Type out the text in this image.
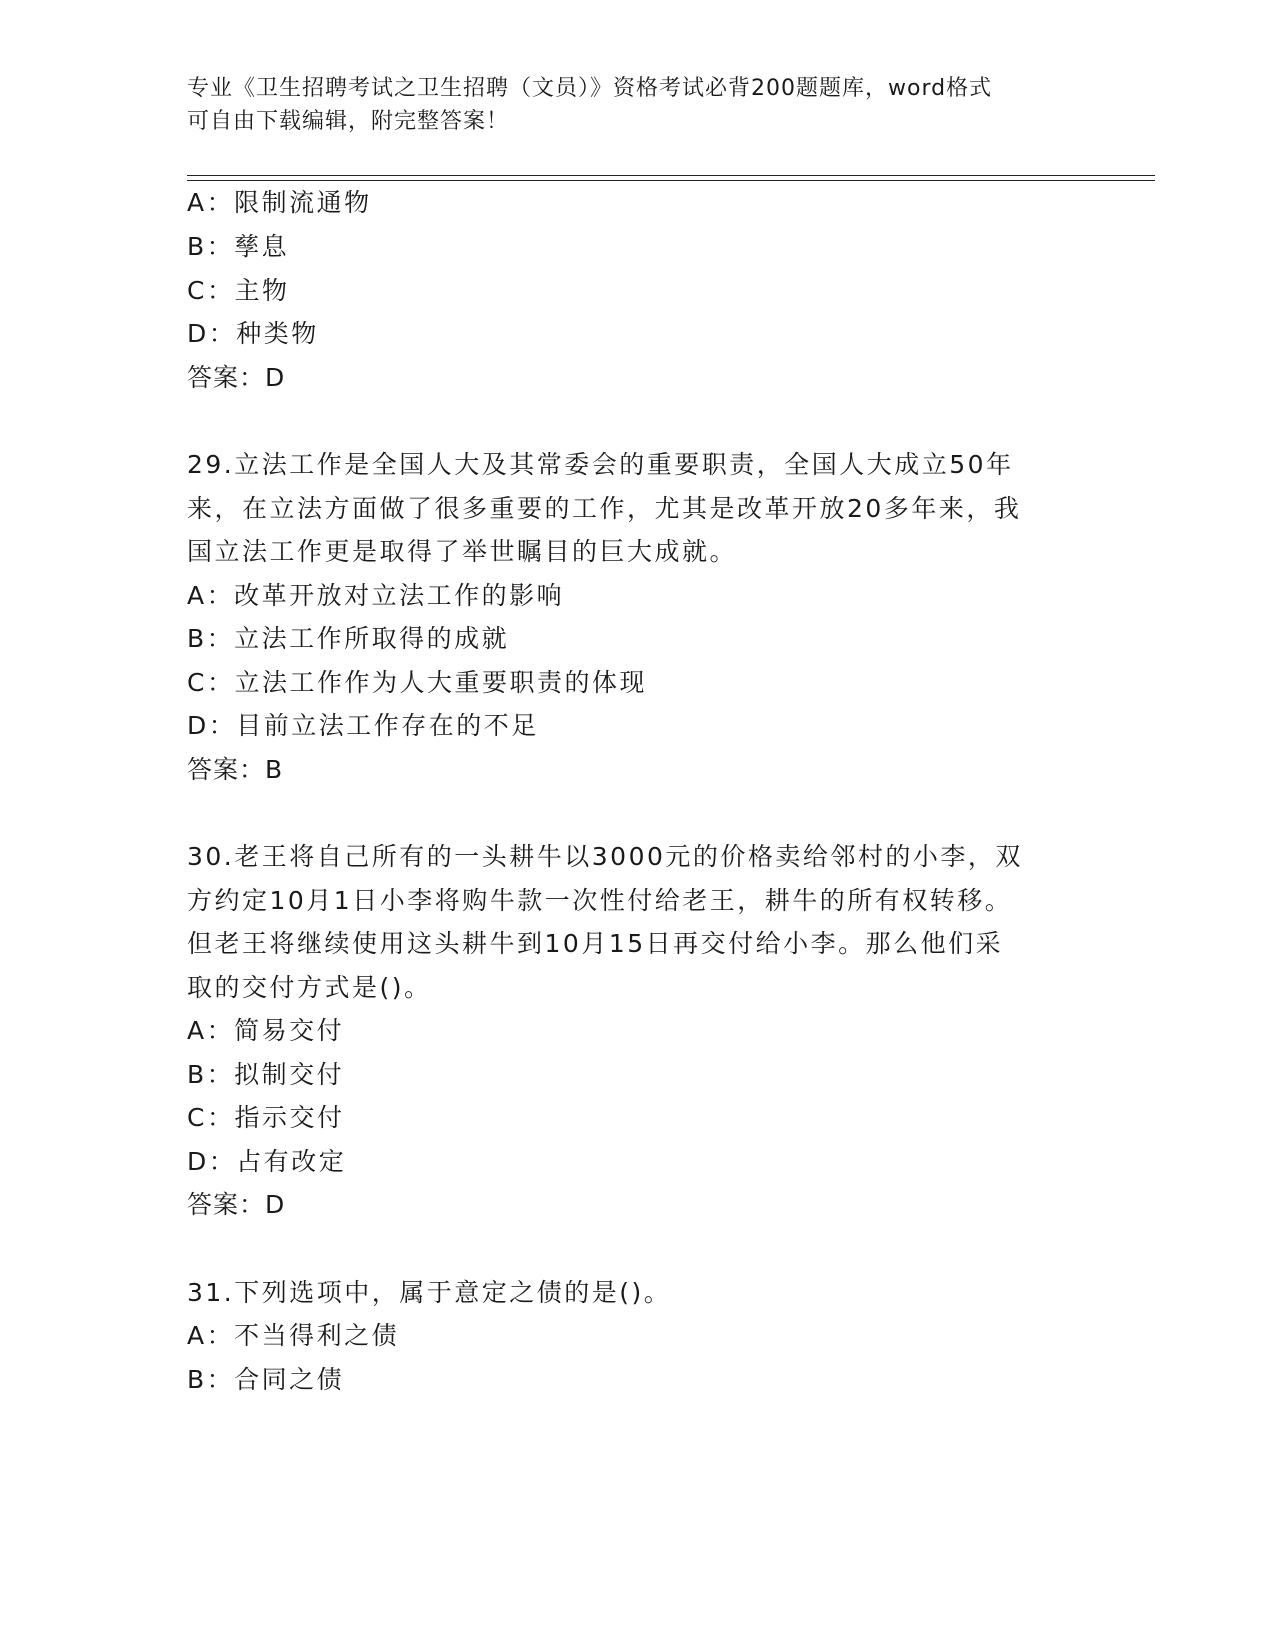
专业《卫生招聘考试之卫生招聘（文员）》资格考试必背200题题库，word格式
可自由下载编辑，附完整答案！
A：限制流通物
B：孳息
C：主物
D：种类物
答案：D
29.立法工作是全国人大及其常委会的重要职责，全国人大成立50年
来，在立法方面做了很多重要的工作，尤其是改革开放20多年来，我
国立法工作更是取得了举世瞩目的巨大成就。
A：改革开放对立法工作的影响
B：立法工作所取得的成就
C：立法工作作为人大重要职责的体现
D：目前立法工作存在的不足
答案：B
30.老王将自己所有的一头耕牛以3000元的价格卖给邻村的小李，双
方约定10月1日小李将购牛款一次性付给老王，耕牛的所有权转移。
但老王将继续使用这头耕牛到10月15日再交付给小李。那么他们采
取的交付方式是()。
A：简易交付
B：拟制交付
C：指示交付
D：占有改定
答案：D
31.下列选项中，属于意定之债的是()。
A：不当得利之债
B：合同之债
